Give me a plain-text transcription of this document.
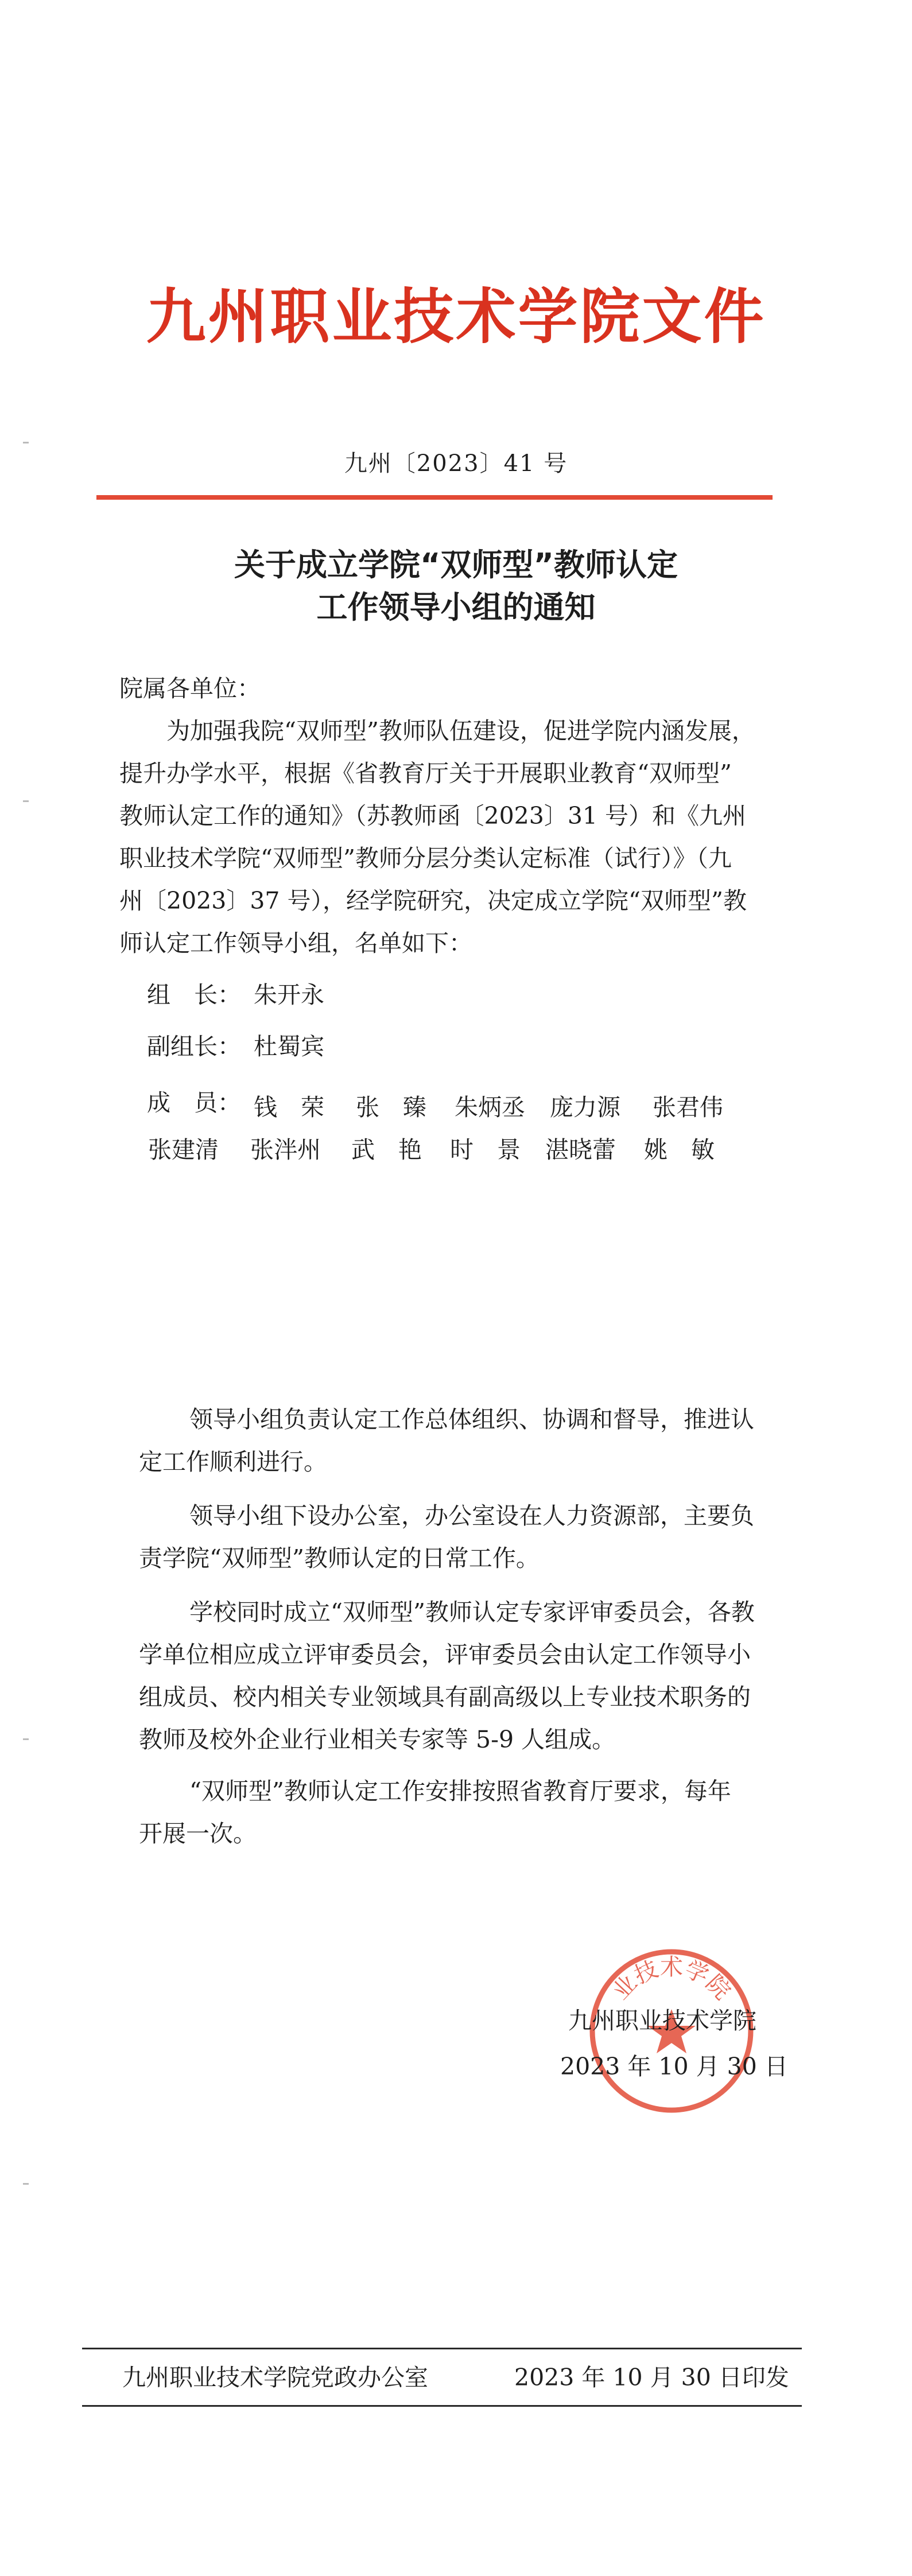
九州职业技术学院文件
九州〔2023〕41 号
关于成立学院“双师型”教师认定
工作领导小组的通知
院属各单位：
为加强我院“双师型”教师队伍建设，促进学院内涵发展，
提升办学水平，根据《省教育厅关于开展职业教育“双师型”
教师认定工作的通知》（苏教师函〔2023〕31 号）和《九州
职业技术学院“双师型”教师分层分类认定标准（试行）》（九
州〔2023〕37 号），经学院研究，决定成立学院“双师型”教
师认定工作领导小组，名单如下：
组　长： 朱开永
副组长： 杜蜀宾
成　员： 钱　荣 张　臻 朱炳丞 庞力源 张君伟
张建清 张泮州 武　艳 时　景 湛晓蕾 姚　敏
领导小组负责认定工作总体组织、协调和督导，推进认
定工作顺利进行。
领导小组下设办公室，办公室设在人力资源部，主要负
责学院“双师型”教师认定的日常工作。
学校同时成立“双师型”教师认定专家评审委员会，各教
学单位相应成立评审委员会，评审委员会由认定工作领导小
组成员、校内相关专业领域具有副高级以上专业技术职务的
教师及校外企业行业相关专家等 5-9 人组成。
“双师型”教师认定工作安排按照省教育厅要求，每年
开展一次。
业技术学院
九州职业技术学院
2023 年 10 月 30 日
九州职业技术学院党政办公室	2023 年 10 月 30 日印发
